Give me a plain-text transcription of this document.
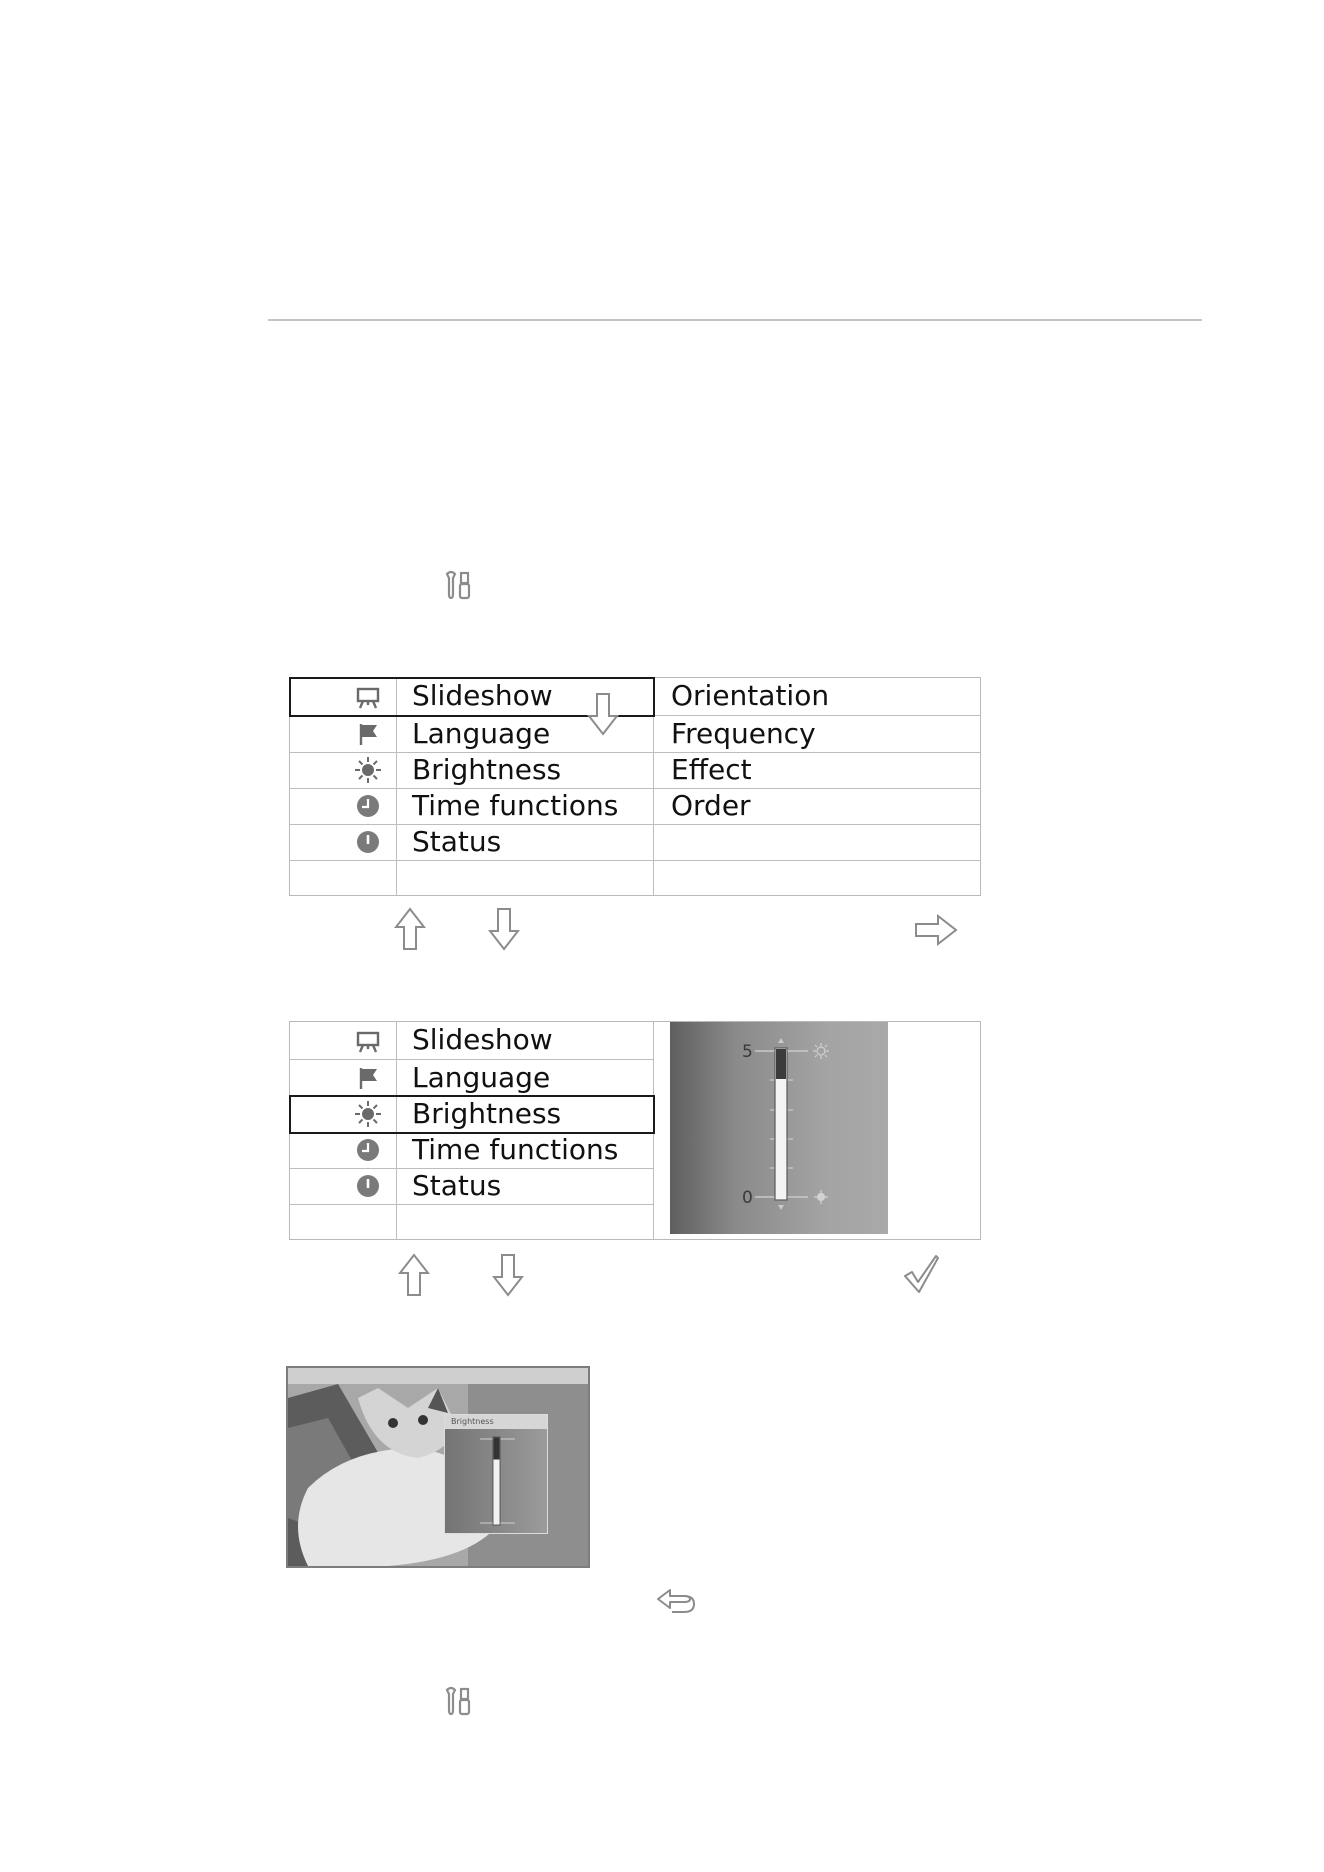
Slideshow
Language
Brightness
Time functions
Status
Orientation
Frequency
Effect
Order
Slideshow
Language
Brightness
Time functions
Status
5
0
Brightness
